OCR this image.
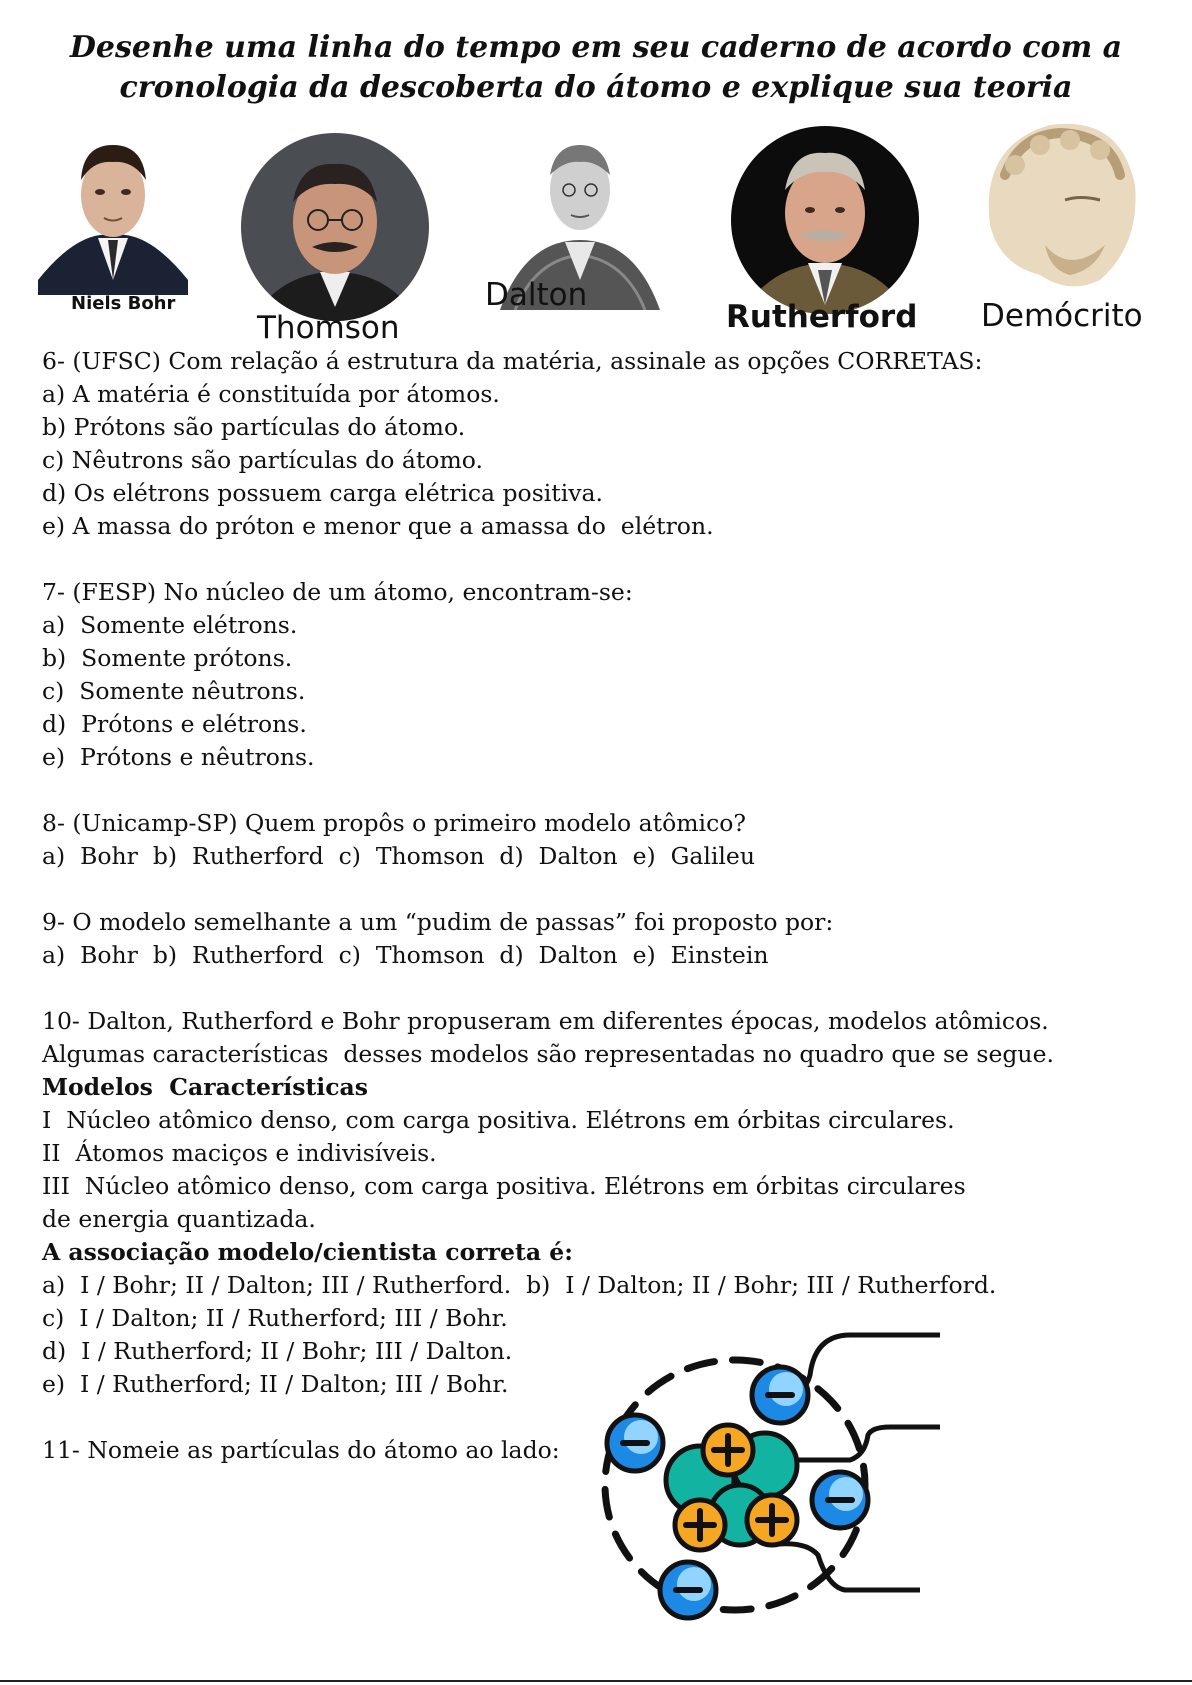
Desenhe uma linha do tempo em seu caderno de acordo com a
cronologia da descoberta do átomo e explique sua teoria
Niels Bohr
Thomson
Dalton
Rutherford Demócrito
6- (UFSC) Com relação á estrutura da matéria, assinale as opções CORRETAS:
a) A matéria é constituída por átomos.
b) Prótons são partículas do átomo.
c) Nêutrons são partículas do átomo.
d) Os elétrons possuem carga elétrica positiva.
e) A massa do próton e menor que a amassa do  elétron.
7- (FESP) No núcleo de um átomo, encontram-se:
a)  Somente elétrons.
b)  Somente prótons.
c)  Somente nêutrons.
d)  Prótons e elétrons.
e)  Prótons e nêutrons.
8- (Unicamp-SP) Quem propôs o primeiro modelo atômico?
a)  Bohr  b)  Rutherford  c)  Thomson  d)  Dalton  e)  Galileu
9- O modelo semelhante a um “pudim de passas” foi proposto por:
a)  Bohr  b)  Rutherford  c)  Thomson  d)  Dalton  e)  Einstein
10- Dalton, Rutherford e Bohr propuseram em diferentes épocas, modelos atômicos.
Algumas características  desses modelos são representadas no quadro que se segue.
Modelos  Características
I  Núcleo atômico denso, com carga positiva. Elétrons em órbitas circulares.
II  Átomos maciços e indivisíveis.
III  Núcleo atômico denso, com carga positiva. Elétrons em órbitas circulares
de energia quantizada.
A associação modelo/cientista correta é:
a)  I / Bohr; II / Dalton; III / Rutherford.  b)  I / Dalton; II / Bohr; III / Rutherford.
c)  I / Dalton; II / Rutherford; III / Bohr.
d)  I / Rutherford; II / Bohr; III / Dalton.
e)  I / Rutherford; II / Dalton; III / Bohr.
11- Nomeie as partículas do átomo ao lado:
